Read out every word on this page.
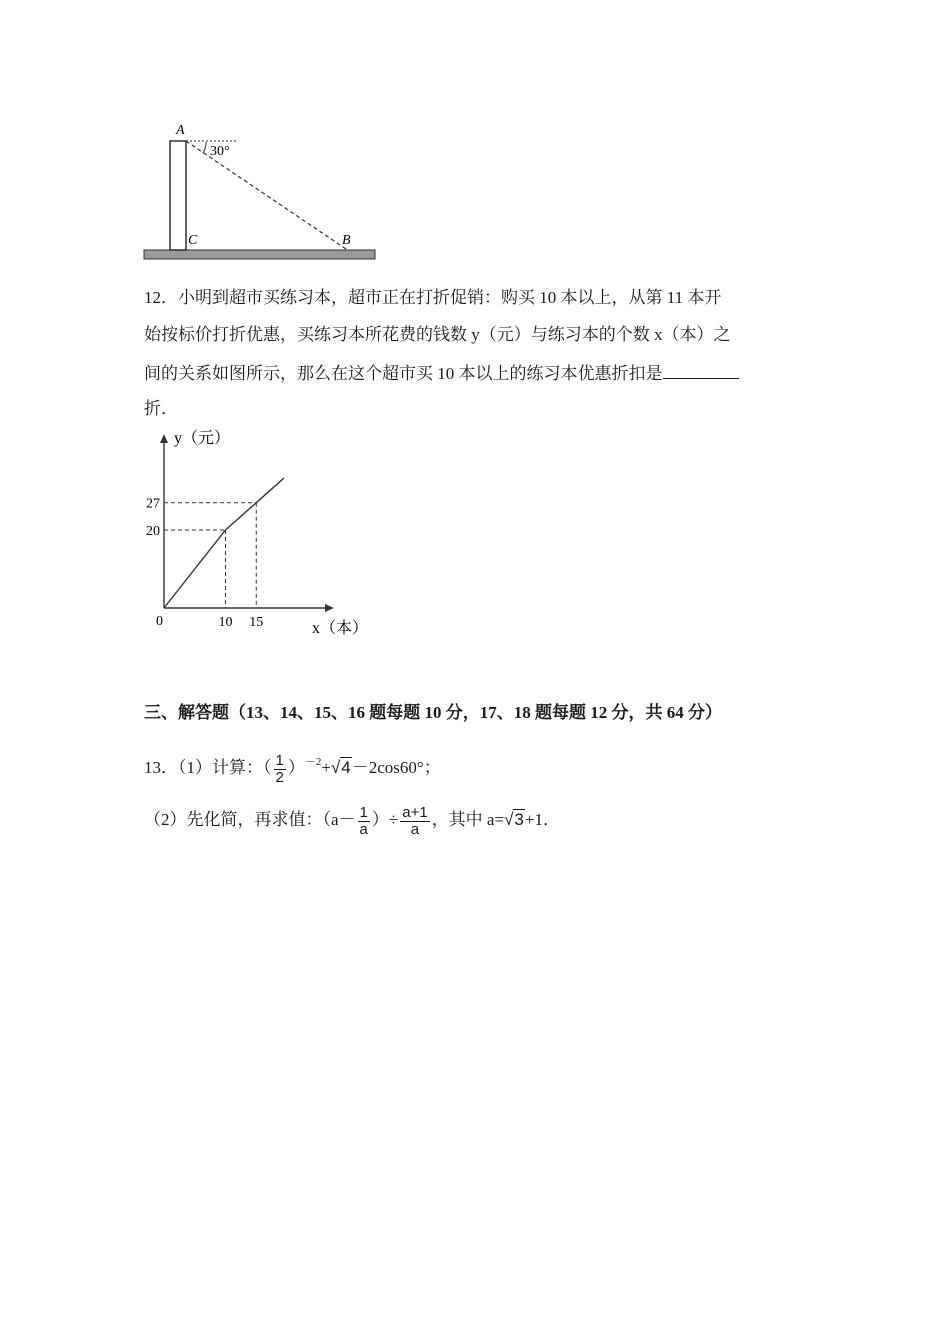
A
30°
C	B
12．小明到超市买练习本，超市正在打折促销：购买 10 本以上，从第 11 本开
始按标价打折优惠，买练习本所花费的钱数 y（元）与练习本的个数 x（本）之
间的关系如图所示，那么在这个超市买 10 本以上的练习本优惠折扣是
折．
0	10 15
20
27
y（元）
x（本）
三、解答题（13、14、15、16 题每题 10 分，17、18 题每题 12 分，共 64 分）
13．（1）计算：（ $\frac{1}{2} )^{-2}+√4-2\cos 60^\circ$；
（2）先化简，再求值：（$a- \frac{1}{a}$ ）÷ $\frac{a+1}{a}$ ，其中 a=√3+1．
